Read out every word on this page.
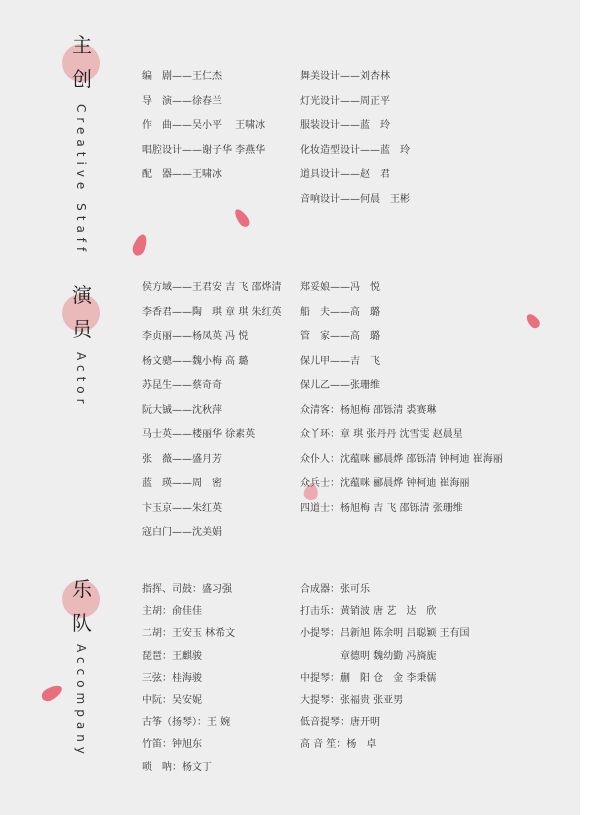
主
创
Creative Staff
编　剧——王仁杰
导　演——徐春兰
作　曲——吴小平　 王啸冰
唱腔设计——谢子华 李燕华
配　器——王啸冰
舞美设计——刘杏林
灯光设计——周正平
服装设计——蓝　玲
化妆造型设计——蓝　玲
道具设计——赵　君
音响设计——何晨　王彬
演
员
Actor
侯方域——王君安 吉 飞 邵烨清
李香君——陶　琪 章 琪 朱红英
李贞丽——杨凤英 冯 悦
杨文骢——魏小梅 高 璐
苏昆生——蔡奇奇
阮大铖——沈秋萍
马士英——楼丽华 徐素英
张　薇——盛月芳
蓝　瑛——周　密
卞玉京——朱红英
寇白门——沈美娟
郑妥娘——冯　悦
船　夫——高　璐
管　家——高　璐
保儿甲——吉　飞
保儿乙——张珊维
众清客：杨旭梅 邵铄清 裘赛琳
众丫环：章 琪 张丹丹 沈雪雯 赵晨星
众仆人：沈蕴咪 郦晨烨 邵铄清 钟柯迪 崔海丽
众兵士：沈蕴咪 郦晨烨 钟柯迪 崔海丽
四道士：杨旭梅 吉 飞 邵铄清 张珊维
乐
队
Accompany
指挥、司鼓：盛习强
主胡：俞佳佳
二胡：王安玉 林希文
琵琶：王麒骏
三弦：桂海骏
中阮：吴安妮
古筝（扬琴）：王 婉
竹笛：钟旭东
唢　呐：杨文丁
合成器：张可乐
打击乐：黄销波 唐 艺　达　欣
小提琴：吕新旭 陈余明 吕聪颖 王有国
　　　　章德明 魏幼勤 冯旖旎
中提琴：蒯　阳 仓　金 李秉儒
大提琴：张福贵 张亚男
低音提琴：唐开明
高 音 笙：杨　卓
